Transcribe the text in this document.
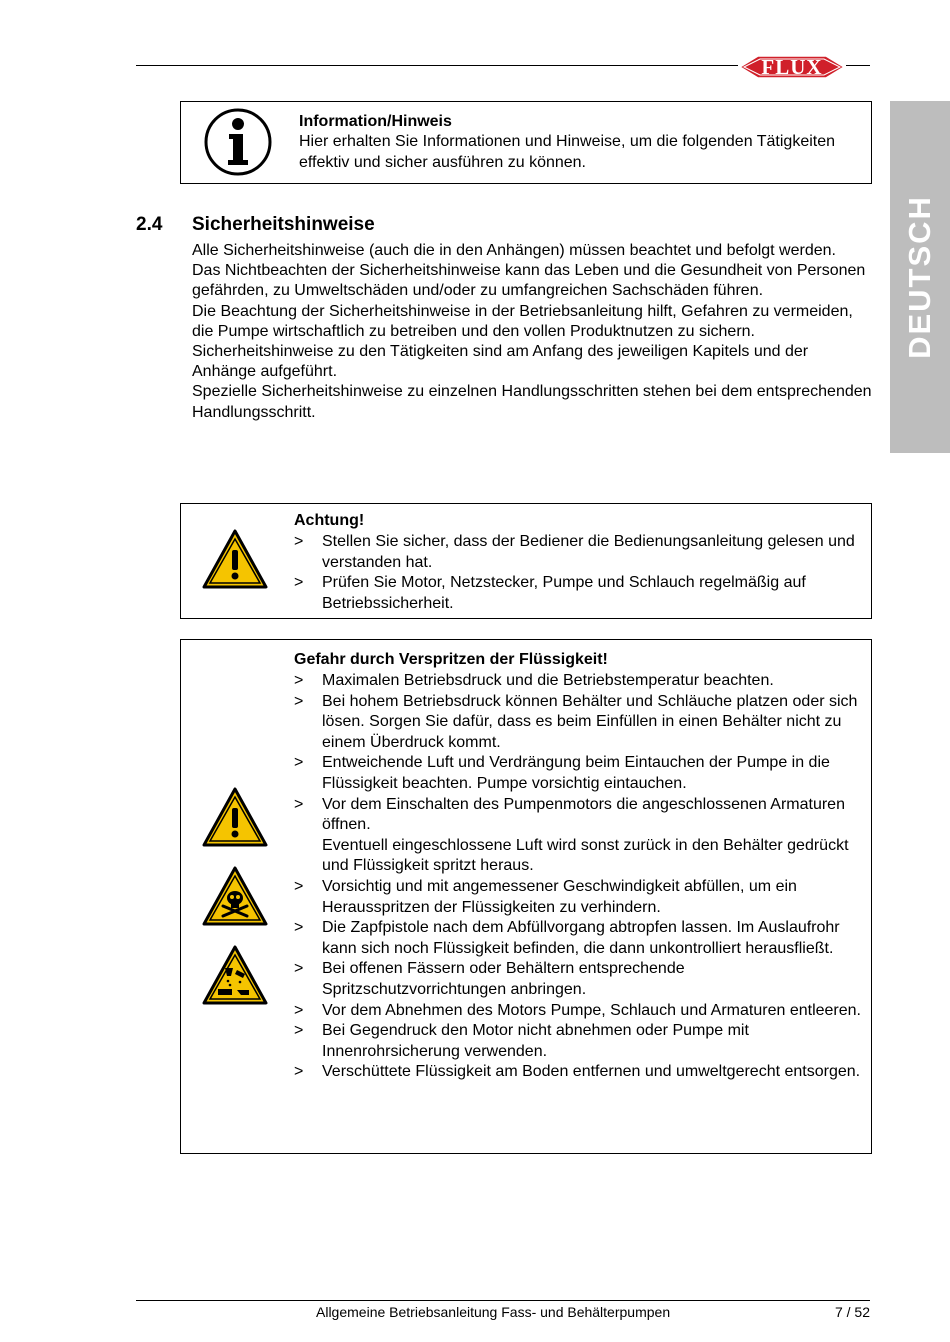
FLUX
DEUTSCH
Information/Hinweis
Hier erhalten Sie Informationen und Hinweise, um die folgenden Tätigkeiten effektiv und sicher ausführen zu können.
2.4 Sicherheitshinweise

Alle Sicherheitshinweise (auch die in den Anhängen) müssen beachtet und befolgt werden.

Das Nichtbeachten der Sicherheitshinweise kann das Leben und die Gesundheit von Personen gefährden, zu Umweltschäden und/oder zu umfangreichen Sachschäden führen.

Die Beachtung der Sicherheitshinweise in der Betriebsanleitung hilft, Gefahren zu vermeiden, die Pumpe wirtschaftlich zu betreiben und den vollen Produktnutzen zu sichern.

Sicherheitshinweise zu den Tätigkeiten sind am Anfang des jeweiligen Kapitels und der Anhänge aufgeführt.

Spezielle Sicherheitshinweise zu einzelnen Handlungsschritten stehen bei dem entsprechenden Handlungsschritt.

Achtung!
> Stellen Sie sicher, dass der Bediener die Bedienungsanleitung gelesen und verstanden hat.
> Prüfen Sie Motor, Netzstecker, Pumpe und Schlauch regelmäßig auf Betriebssicherheit.
Gefahr durch Verspritzen der Flüssigkeit!
> Maximalen Betriebsdruck und die Betriebstemperatur beachten.
> Bei hohem Betriebsdruck können Behälter und Schläuche platzen oder sich lösen. Sorgen Sie dafür, dass es beim Einfüllen in einen Behälter nicht zu einem Überdruck kommt.
> Entweichende Luft und Verdrängung beim Eintauchen der Pumpe in die Flüssigkeit beachten. Pumpe vorsichtig eintauchen.
> Vor dem Einschalten des Pumpenmotors die angeschlossenen Armaturen öffnen.
Eventuell eingeschlossene Luft wird sonst zurück in den Behälter gedrückt und Flüssigkeit spritzt heraus.
> Vorsichtig und mit angemessener Geschwindigkeit abfüllen, um ein Herausspritzen der Flüssigkeiten zu verhindern.
> Die Zapfpistole nach dem Abfüllvorgang abtropfen lassen. Im Auslaufrohr kann sich noch Flüssigkeit befinden, die dann unkontrolliert herausfließt.
> Bei offenen Fässern oder Behältern entsprechende Spritzschutzvorrichtungen anbringen.
> Vor dem Abnehmen des Motors Pumpe, Schlauch und Armaturen entleeren.
> Bei Gegendruck den Motor nicht abnehmen oder Pumpe mit Innenrohrsicherung verwenden.
> Verschüttete Flüssigkeit am Boden entfernen und umweltgerecht entsorgen.
Allgemeine Betriebsanleitung Fass- und Behälterpumpen	7 / 52
